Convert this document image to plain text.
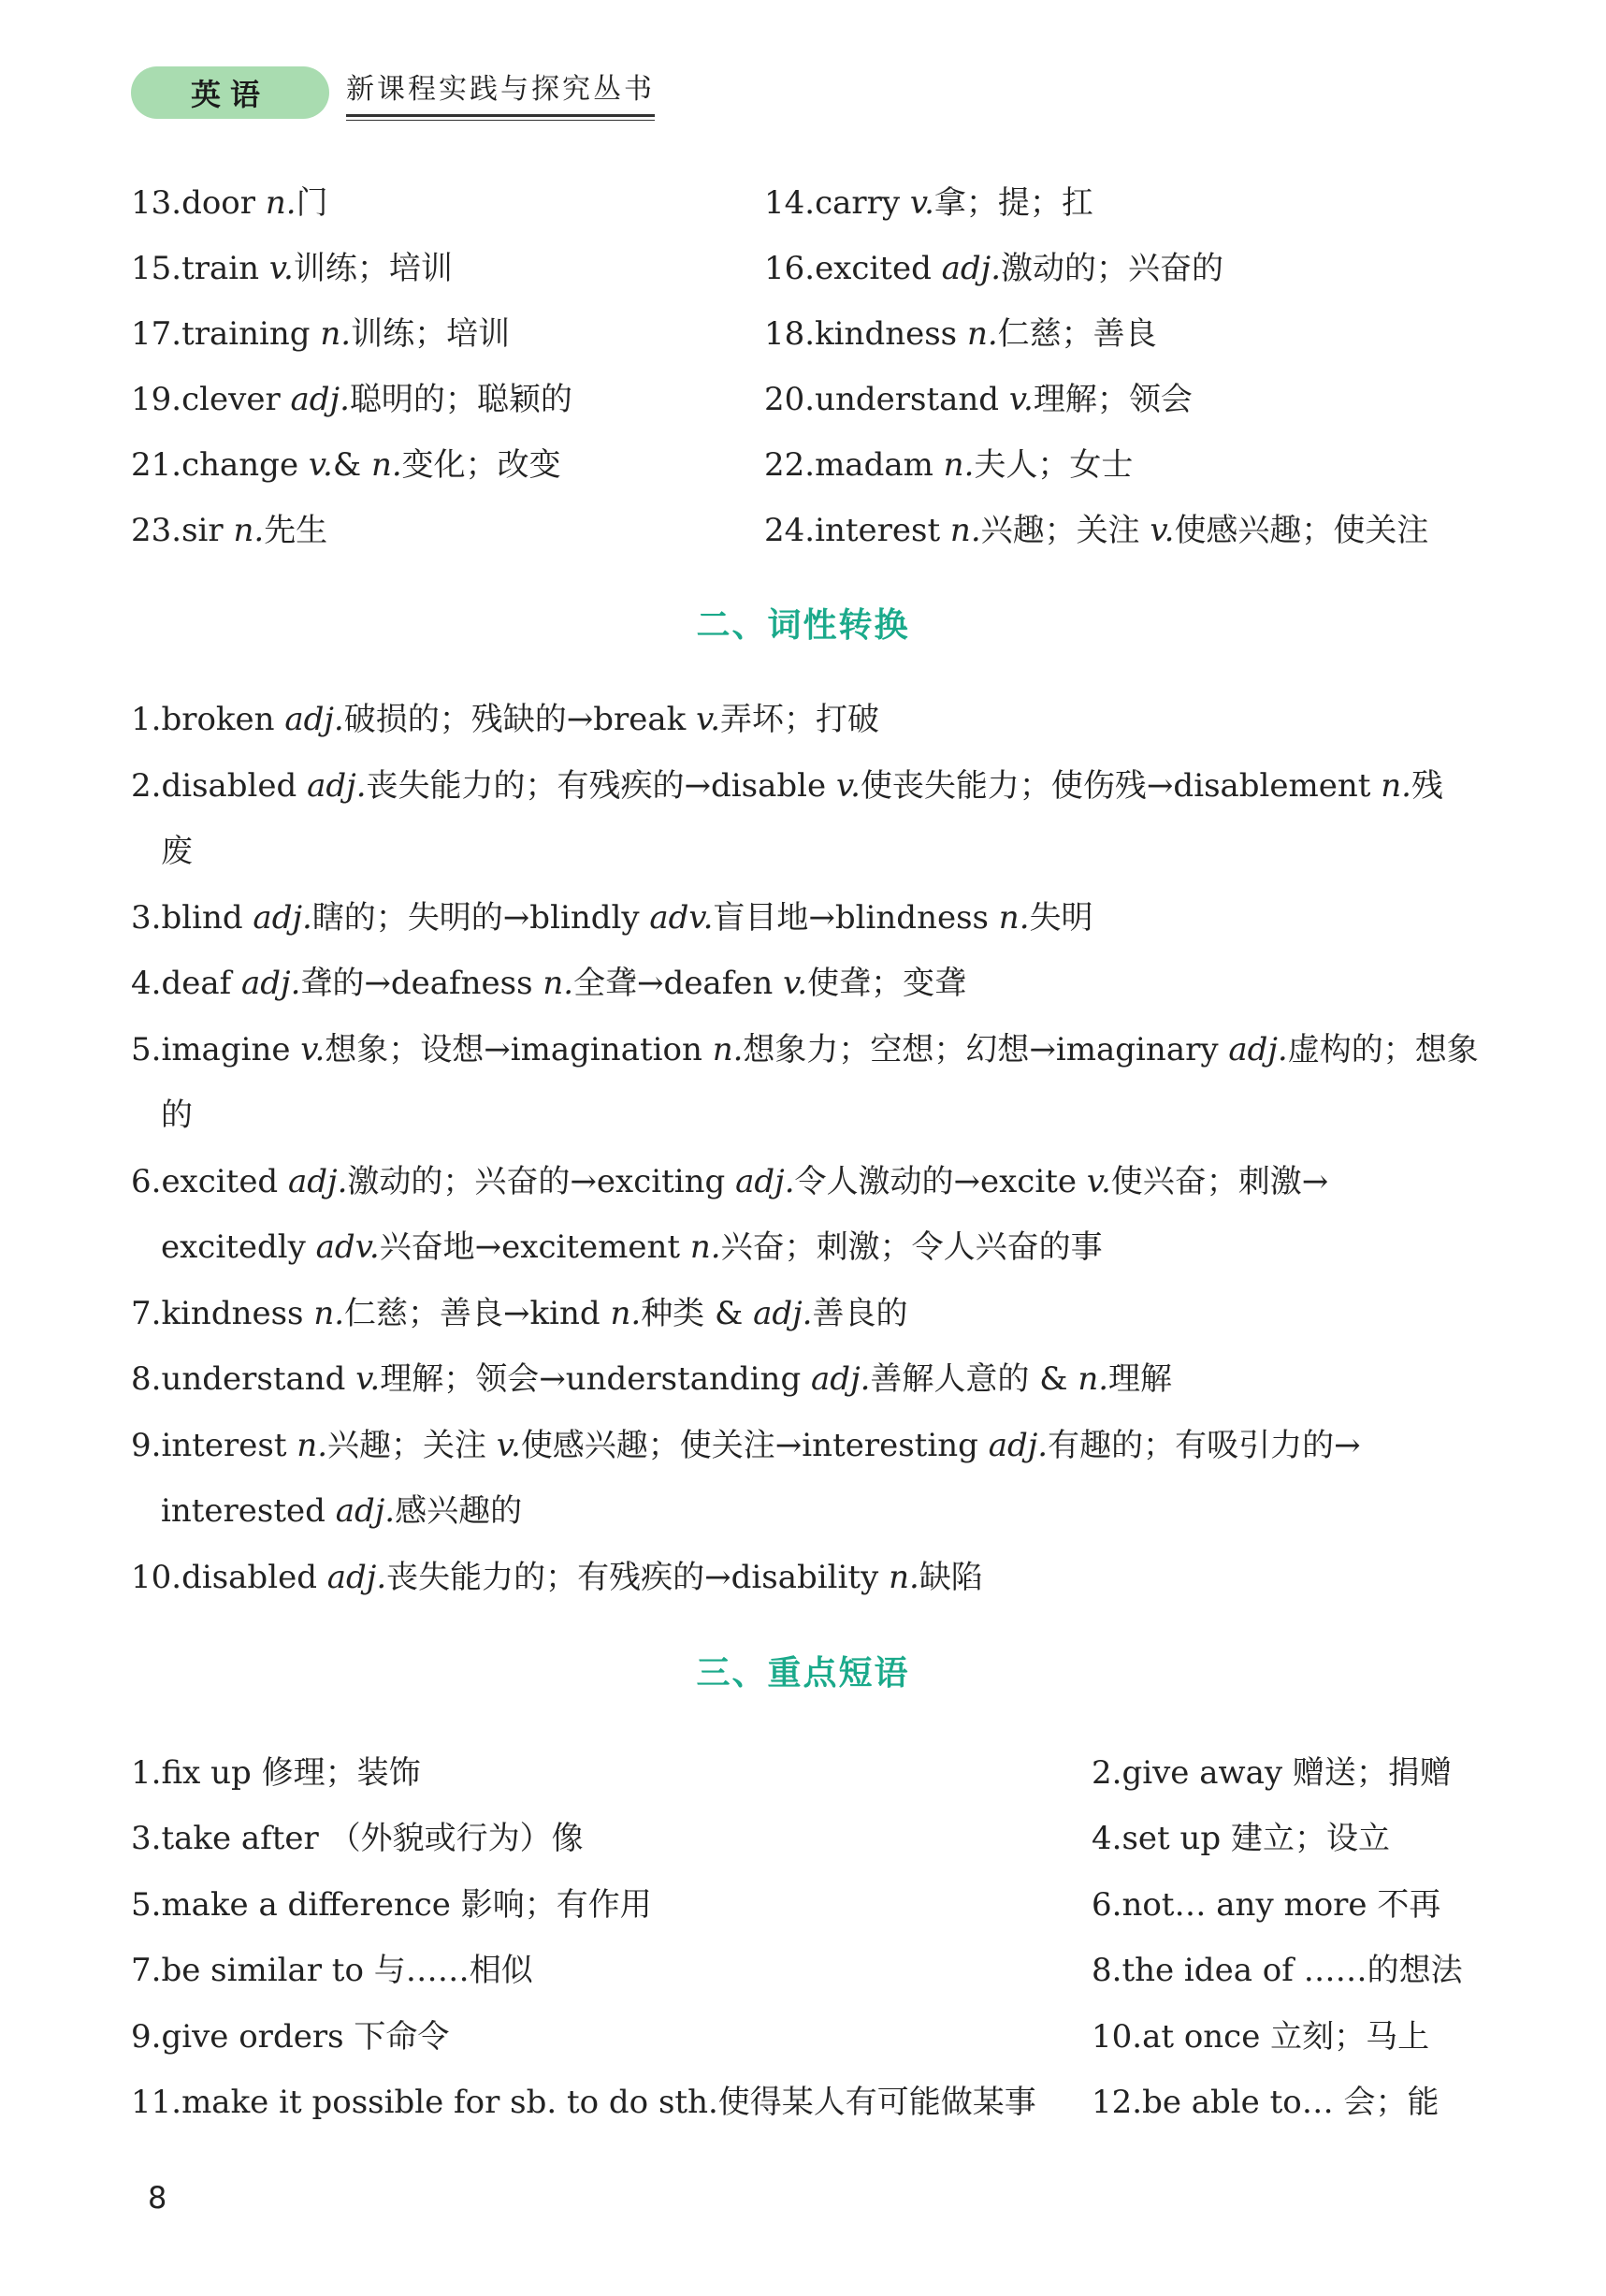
英语	新课程实践与探究丛书
13.door n.门	14.carry v.拿；提；扛
15.train v.训练；培训	16.excited adj.激动的；兴奋的
17.training n.训练；培训	18.kindness n.仁慈；善良
19.clever adj.聪明的；聪颖的	20.understand v.理解；领会
21.change v.& n.变化；改变	22.madam n.夫人；女士
23.sir n.先生	24.interest n.兴趣；关注 v.使感兴趣；使关注
二、词性转换
1.broken adj.破损的；残缺的→break v.弄坏；打破
2.disabled adj.丧失能力的；有残疾的→disable v.使丧失能力；使伤残→disablement n.残
废
3.blind adj.瞎的；失明的→blindly adv.盲目地→blindness n.失明
4.deaf adj.聋的→deafness n.全聋→deafen v.使聋；变聋
5.imagine v.想象；设想→imagination n.想象力；空想；幻想→imaginary adj.虚构的；想象
的
6.excited adj.激动的；兴奋的→exciting adj.令人激动的→excite v.使兴奋；刺激→
excitedly adv.兴奋地→excitement n.兴奋；刺激；令人兴奋的事
7.kindness n.仁慈；善良→kind n.种类 & adj.善良的
8.understand v.理解；领会→understanding adj.善解人意的 & n.理解
9.interest n.兴趣；关注 v.使感兴趣；使关注→interesting adj.有趣的；有吸引力的→
interested adj.感兴趣的
10.disabled adj.丧失能力的；有残疾的→disability n.缺陷
三、重点短语
1.fix up 修理；装饰	2.give away 赠送；捐赠
3.take after （外貌或行为）像	4.set up 建立；设立
5.make a difference 影响；有作用	6.not… any more 不再
7.be similar to 与……相似	8.the idea of ……的想法
9.give orders 下命令	10.at once 立刻；马上
11.make it possible for sb. to do sth.使得某人有可能做某事	12.be able to… 会；能
8
